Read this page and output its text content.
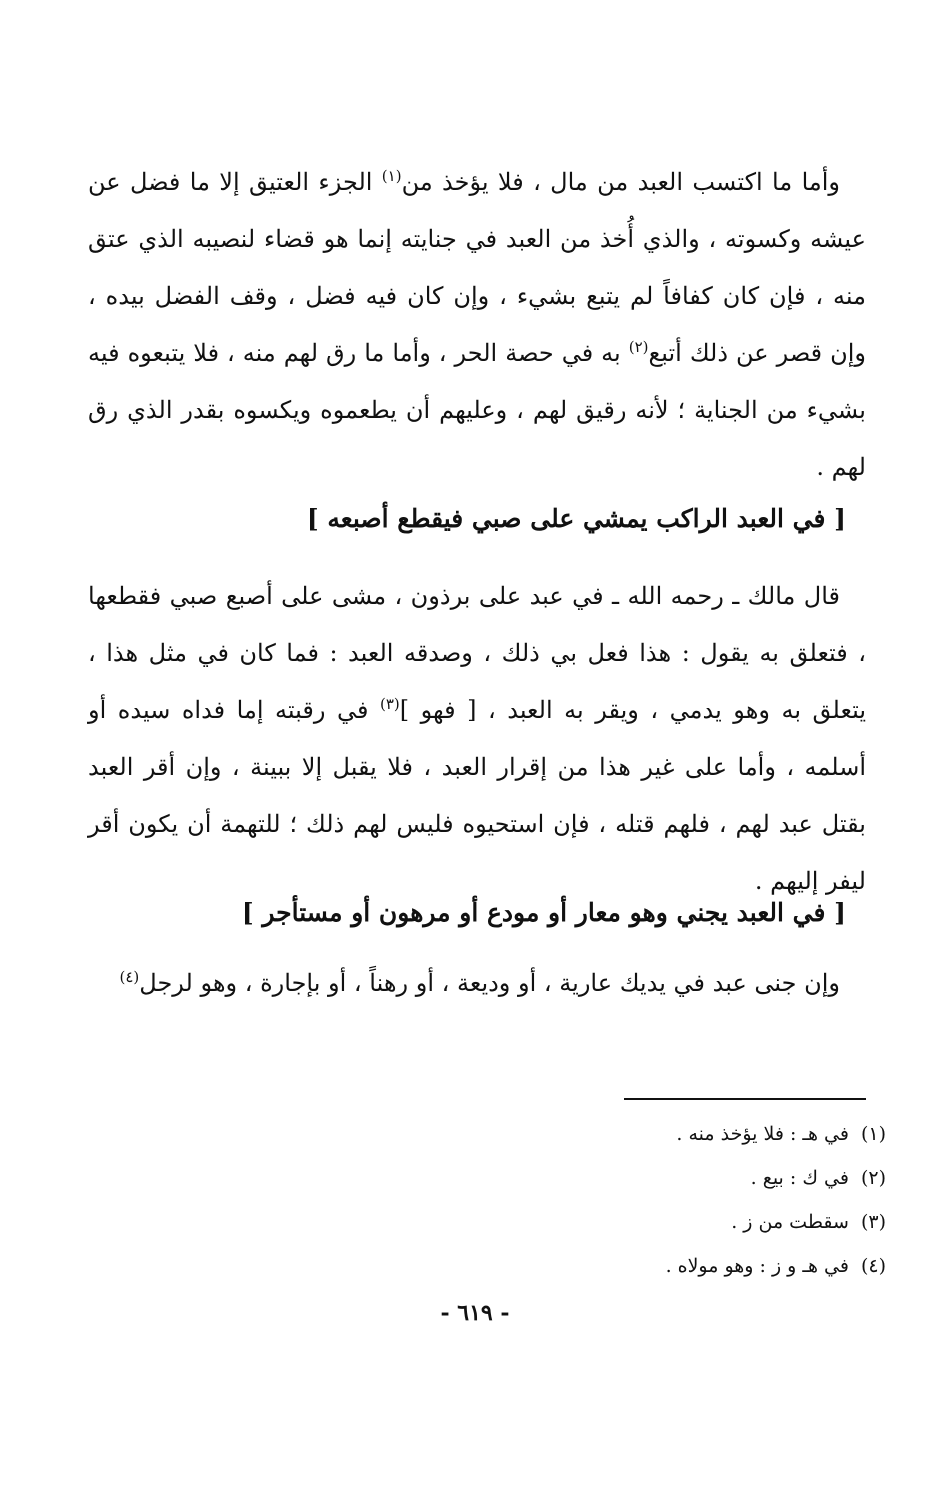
وأما ما اكتسب العبد من مال ، فلا يؤخذ من$^{(١)}$ الجزء العتيق إلا ما فضل عن عيشه وكسوته ، والذي أُخذ من العبد في جنايته إنما هو قضاء لنصيبه الذي عتق منه ، فإن كان كفافاً لم يتبع بشيء ، وإن كان فيه فضل ، وقف الفضل بيده ، وإن قصر عن ذلك أتبع$^{(٢)}$ به في حصة الحر ، وأما ما رق لهم منه ، فلا يتبعوه فيه بشيء من الجناية ؛ لأنه رقيق لهم ، وعليهم أن يطعموه ويكسوه بقدر الذي رق لهم .

[ في العبد الراكب يمشي على صبي فيقطع أصبعه ]

قال مالك ـ رحمه الله ـ في عبد على برذون ، مشى على أصبع صبي فقطعها ، فتعلق به يقول : هذا فعل بي ذلك ، وصدقه العبد : فما كان في مثل هذا ، يتعلق به وهو يدمي ، ويقر به العبد ، [ فهو ]$^{(٣)}$ في رقبته إما فداه سيده أو أسلمه ، وأما على غير هذا من إقرار العبد ، فلا يقبل إلا ببينة ، وإن أقر العبد بقتل عبد لهم ، فلهم قتله ، فإن استحيوه فليس لهم ذلك ؛ للتهمة أن يكون أقر ليفر إليهم .

[ في العبد يجني وهو معار أو مودع أو مرهون أو مستأجر ]

وإن جنى عبد في يديك عارية ، أو وديعة ، أو رهناً ، أو بإجارة ، وهو لرجل$^{(٤)}$

(١)في هـ : فلا يؤخذ منه .
(٢)في ك : بيع .
(٣)سقطت من ز .
(٤)في هـ و ز : وهو مولاه .
- ٦١٩ -
